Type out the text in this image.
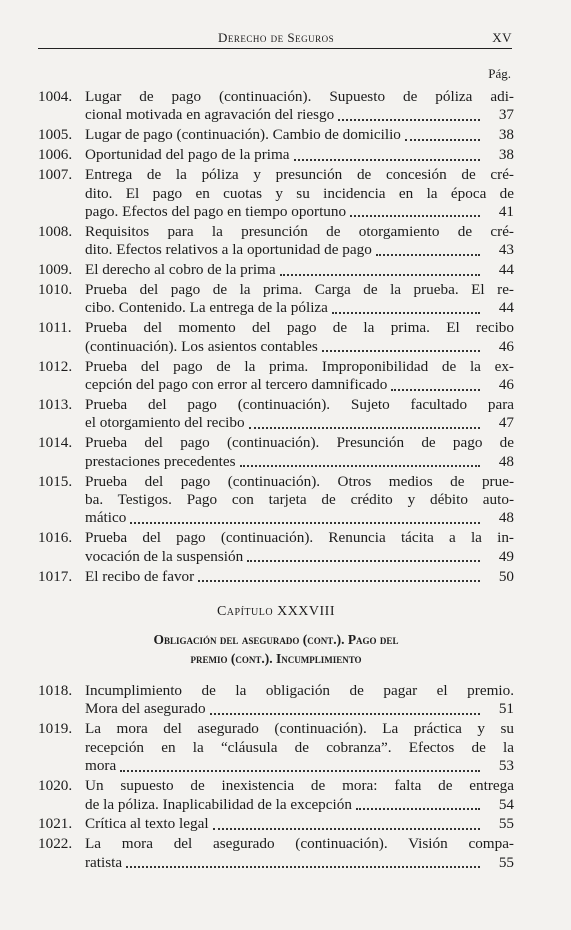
Derecho de Seguros	XV
Pág.
1004. Lugar de pago (continuación). Supuesto de póliza adi-
cional motivada en agravación del riesgo	37
1005. Lugar de pago (continuación). Cambio de domicilio	38
1006. Oportunidad del pago de la prima	38
1007. Entrega de la póliza y presunción de concesión de cré-
dito. El pago en cuotas y su incidencia en la época de
pago. Efectos del pago en tiempo oportuno	41
1008. Requisitos para la presunción de otorgamiento de cré-
dito. Efectos relativos a la oportunidad de pago	43
1009. El derecho al cobro de la prima	44
1010. Prueba del pago de la prima. Carga de la prueba. El re-
cibo. Contenido. La entrega de la póliza	44
1011. Prueba del momento del pago de la prima. El recibo
(continuación). Los asientos contables	46
1012. Prueba del pago de la prima. Improponibilidad de la ex-
cepción del pago con error al tercero damnificado	46
1013. Prueba del pago (continuación). Sujeto facultado para
el otorgamiento del recibo	47
1014. Prueba del pago (continuación). Presunción de pago de
prestaciones precedentes	48
1015. Prueba del pago (continuación). Otros medios de prue-
ba. Testigos. Pago con tarjeta de crédito y débito auto-
mático	48
1016. Prueba del pago (continuación). Renuncia tácita a la in-
vocación de la suspensión	49
1017. El recibo de favor	50
Capítulo XXXVIII
Obligación del asegurado (cont.). Pago del
premio (cont.). Incumplimiento
1018. Incumplimiento de la obligación de pagar el premio.
Mora del asegurado	51
1019. La mora del asegurado (continuación). La práctica y su
recepción en la “cláusula de cobranza”. Efectos de la
mora	53
1020. Un supuesto de inexistencia de mora: falta de entrega
de la póliza. Inaplicabilidad de la excepción	54
1021. Crítica al texto legal	55
1022. La mora del asegurado (continuación). Visión compa-
ratista	55
